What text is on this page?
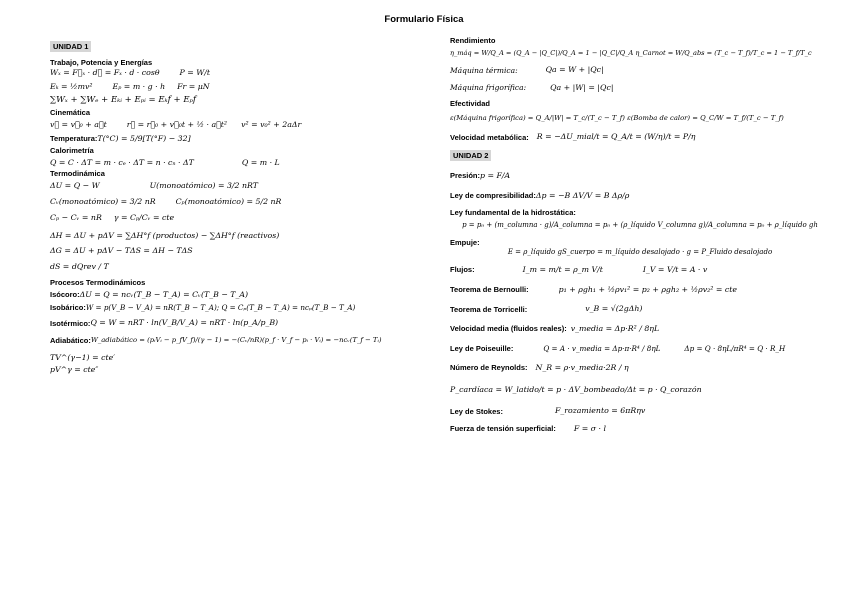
Formulario Física
UNIDAD 1
Trabajo, Potencia y Energías
Wₓ = F⃗ₓ · d⃗ = Fₓ · d · cosθ	P = W/t
Eₖ = ½mv²	Eₚ = m · g · h Fr = μN
∑Wₓ + ∑Wₑ + Eₖᵢ + Eₚᵢ = Eₖf + Eₚf
Cinemática
v⃗ = v⃗₀ + a⃗t	r⃗ = r⃗₀ + v⃗₀t + ½ · a⃗t² v² = v₀² + 2aΔr
Temperatura: T(°C) = 5/9[T(°F) − 32]
Calorimetría
Q = C · ΔT = m · cₑ · ΔT = n · cₙ · ΔT	Q = m · L
Termodinámica
ΔU = Q − W	U(monoatómico) = 3/2 nRT
Cᵥ(monoatómico) = 3/2 nR	Cₚ(monoatómico) = 5/2 nR
Cₚ − Cᵥ = nR γ = Cₚ/Cᵥ = cte
ΔH = ΔU + pΔV = ∑ΔH°f (productos) − ∑ΔH°f (reactivos)
ΔG = ΔU + pΔV − TΔS = ΔH − TΔS
dS = dQrev / T
Procesos Termodinámicos
Isócoro: ΔU = Q = ncᵥ(T_B − T_A) = Cᵥ(T_B − T_A)
Isobárico: W = p(V_B − V_A) = nR(T_B − T_A); Q = Cₚ(T_B − T_A) = ncₚ(T_B − T_A)
Isotérmico: Q = W = nRT · ln(V_B/V_A) = nRT · ln(p_A/p_B)
Adiabático: W_adiabático = (pᵢVᵢ − p_fV_f)/(γ − 1) = −(Cᵥ/nR)(p_f · V_f − pᵢ · Vᵢ) = −ncᵥ(T_f − Tᵢ)
TV^(γ−1) = cte′
pV^γ = cte″
Rendimiento
η_máq = W/Q_A = (Q_A − |Q_C|)/Q_A = 1 − |Q_C|/Q_A η_Carnot = W/Q_abs = (T_c − T_f)/T_c = 1 − T_f/T_c
Máquina térmica:	Qa = W + |Qc|
Máquina frigorífica:	Qa + |W| = |Qc|
Efectividad
ε(Máquina frigorífica) = Q_A/|W| = T_c/(T_c − T_f) ε(Bomba de calor) = Q_C/W = T_f/(T_c − T_f)
Velocidad metabólica: R = −ΔU_mial/t = Q_A/t = (W/η)/t = P/η
UNIDAD 2
Presión: p = F/A
Ley de compresibilidad: Δp = −B ΔV/V = B Δρ/ρ
Ley fundamental de la hidrostática:
p = p₀ + (m_columna · g)/A_columna = p₀ + (ρ_líquido V_columna g)/A_columna = p₀ + ρ_líquido gh
Empuje:
E = ρ_líquido gS_cuerpo = m_líquido desalojado · g = P_Fluido desalojado
Flujos:	I_m = m/t = ρ_m V/t	I_V = V/t = A · v
Teorema de Bernoulli:	p₁ + ρgh₁ + ½ρv₁² = p₂ + ρgh₂ + ½ρv₂² = cte
Teorema de Torricelli:	v_B = √(2gΔh)
Velocidad media (fluidos reales): v_media = Δp·R² / 8ηL
Ley de Poiseuille:	Q = A · v_media = Δp·π·R⁴ / 8ηL	Δp = Q · 8ηL/πR⁴ = Q · R_H
Número de Reynolds: N_R = ρ·v_media·2R / η
P_cardíaca = W_latido/t = p · ΔV_bombeado/Δt = p · Q_corazón
Ley de Stokes:	F_rozamiento = 6πRηv
Fuerza de tensión superficial: F = σ · l
